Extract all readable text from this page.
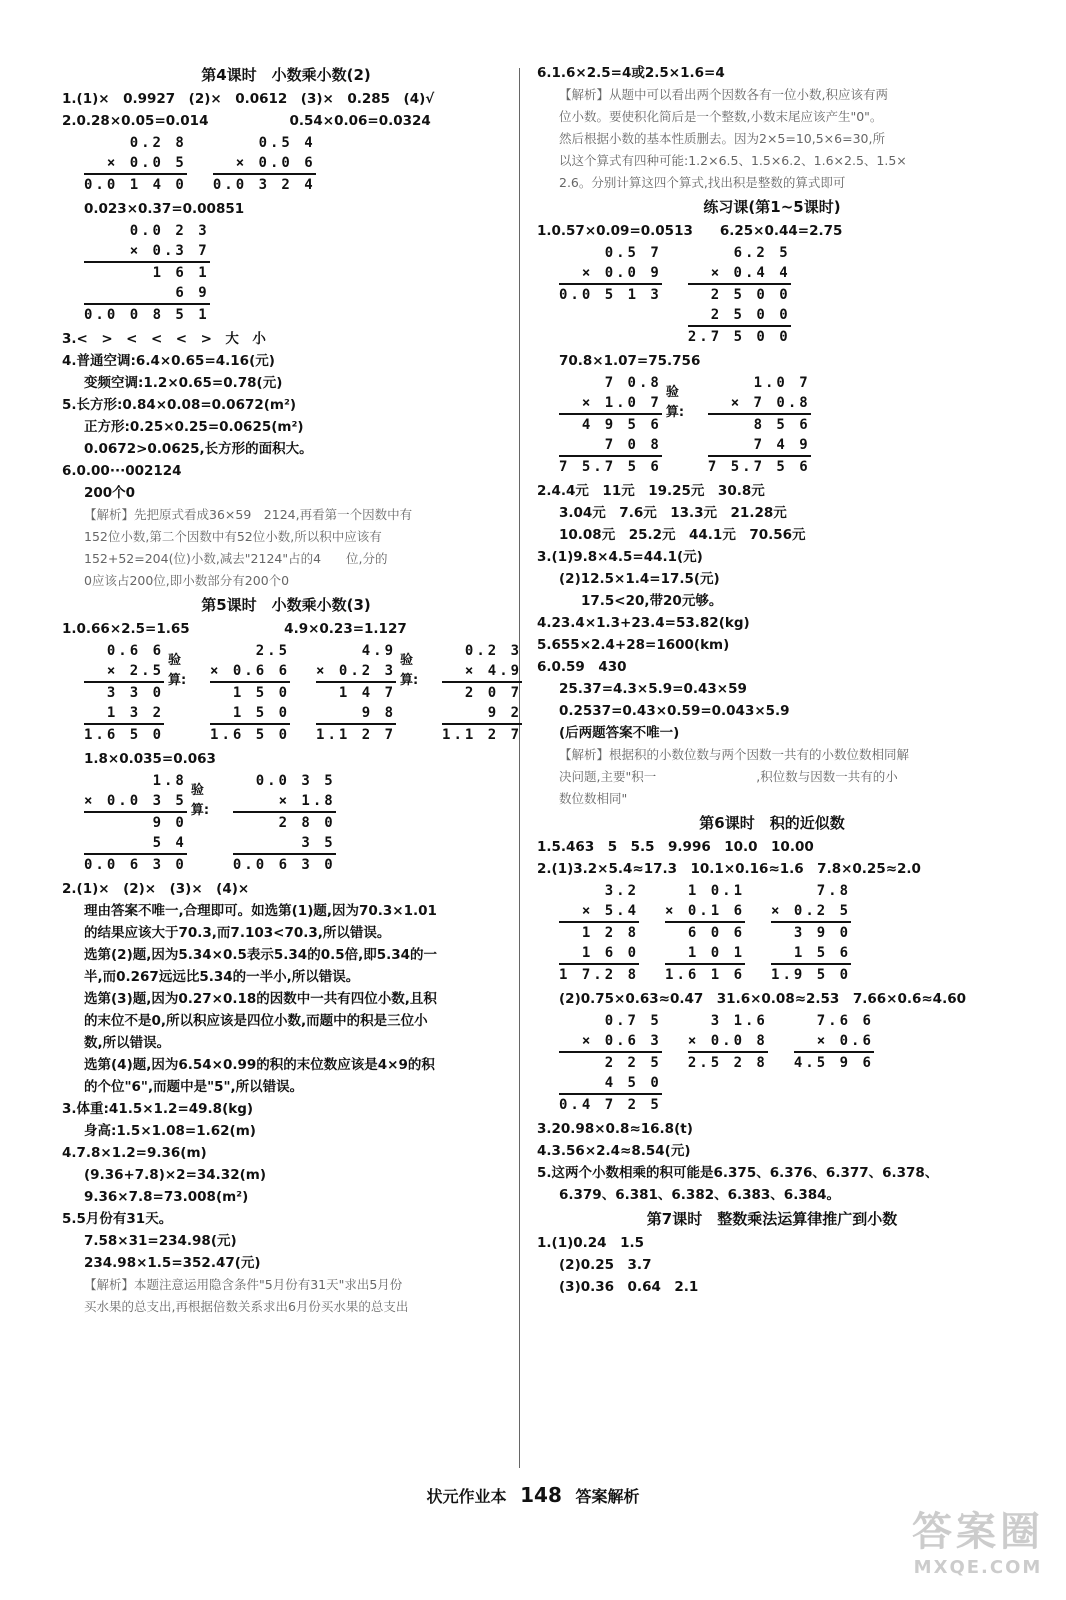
第4课时　小数乘小数(2)
1.(1)×　0.9927　(2)×　0.0612　(3)×　0.285　(4)√
2.0.28×0.05=0.014　　　　　　0.54×0.06=0.0324
0.2 8
× 0.0 5
0.0 1 4 0
0.5 4
× 0.0 6
0.0 3 2 4
0.023×0.37=0.00851
0.0 2 3
× 0.3 7
1 6 1
6 9
0.0 0 8 5 1
3.<　>　<　<　<　>　大　小
4.普通空调:6.4×0.65=4.16(元)
变频空调:1.2×0.65=0.78(元)
5.长方形:0.84×0.08=0.0672(m²)
正方形:0.25×0.25=0.0625(m²)
0.0672>0.0625,长方形的面积大。
6.0.00···002124
200个0
【解析】先把原式看成36×59　2124,再看第一个因数中有
152位小数,第二个因数中有52位小数,所以积中应该有
152+52=204(位)小数,减去"2124"占的4　　位,分的
0应该占200位,即小数部分有200个0
第5课时　小数乘小数(3)
1.0.66×2.5=1.65　　　　　　　4.9×0.23=1.127
0.6 6
× 2.5
3 3 0
1 3 2
1.6 5 0
验算:
2.5
× 0.6 6
1 5 0
1 5 0
1.6 5 0
4.9
× 0.2 3
1 4 7
9 8
1.1 2 7
验算:
0.2 3
× 4.9
2 0 7
9 2
1.1 2 7
1.8×0.035=0.063
1.8
× 0.0 3 5
9 0
5 4
0.0 6 3 0
验算:
0.0 3 5
× 1.8
2 8 0
3 5
0.0 6 3 0
2.(1)×　(2)×　(3)×　(4)×
理由答案不唯一,合理即可。如选第(1)题,因为70.3×1.01
的结果应该大于70.3,而7.103<70.3,所以错误。
选第(2)题,因为5.34×0.5表示5.34的0.5倍,即5.34的一
半,而0.267远远比5.34的一半小,所以错误。
选第(3)题,因为0.27×0.18的因数中一共有四位小数,且积
的末位不是0,所以积应该是四位小数,而题中的积是三位小
数,所以错误。
选第(4)题,因为6.54×0.99的积的末位数应该是4×9的积
的个位"6",而题中是"5",所以错误。
3.体重:41.5×1.2=49.8(kg)
身高:1.5×1.08=1.62(m)
4.7.8×1.2=9.36(m)
(9.36+7.8)×2=34.32(m)
9.36×7.8=73.008(m²)
5.5月份有31天。
7.58×31=234.98(元)
234.98×1.5=352.47(元)
【解析】本题注意运用隐含条件"5月份有31天"求出5月份
买水果的总支出,再根据倍数关系求出6月份买水果的总支出
6.1.6×2.5=4或2.5×1.6=4
【解析】从题中可以看出两个因数各有一位小数,积应该有两
位小数。要使积化简后是一个整数,小数末尾应该产生"0"。
然后根据小数的基本性质删去。因为2×5=10,5×6=30,所
以这个算式有四种可能:1.2×6.5、1.5×6.2、1.6×2.5、1.5×
2.6。分别计算这四个算式,找出积是整数的算式即可
练习课(第1~5课时)
1.0.57×0.09=0.0513　　6.25×0.44=2.75
0.5 7
× 0.0 9
0.0 5 1 3
6.2 5
× 0.4 4
2 5 0 0
2 5 0 0
2.7 5 0 0
70.8×1.07=75.756
7 0.8
× 1.0 7
4 9 5 6
7 0 8
7 5.7 5 6
验算:
1.0 7
× 7 0.8
8 5 6
7 4 9
7 5.7 5 6
2.4.4元　11元　19.25元　30.8元
3.04元　7.6元　13.3元　21.28元
10.08元　25.2元　44.1元　70.56元
3.(1)9.8×4.5=44.1(元)
(2)12.5×1.4=17.5(元)
17.5<20,带20元够。
4.23.4×1.3+23.4=53.82(kg)
5.655×2.4+28=1600(km)
6.0.59　430
25.37=4.3×5.9=0.43×59
0.2537=0.43×0.59=0.043×5.9
(后两题答案不唯一)
【解析】根据积的小数位数与两个因数一共有的小数位数相同解
决问题,主要"积一　　　　　　　　,积位数与因数一共有的小
数位数相同"
第6课时　积的近似数
1.5.463　5　5.5　9.996　10.0　10.00
2.(1)3.2×5.4≈17.3　10.1×0.16≈1.6　7.8×0.25≈2.0
3.2
× 5.4
1 2 8
1 6 0
1 7.2 8
1 0.1
× 0.1 6
6 0 6
1 0 1
1.6 1 6
7.8
× 0.2 5
3 9 0
1 5 6
1.9 5 0
(2)0.75×0.63≈0.47　31.6×0.08≈2.53　7.66×0.6≈4.60
0.7 5
× 0.6 3
2 2 5
4 5 0
0.4 7 2 5
3 1.6
× 0.0 8
2.5 2 8
7.6 6
× 0.6
4.5 9 6
3.20.98×0.8≈16.8(t)
4.3.56×2.4≈8.54(元)
5.这两个小数相乘的积可能是6.375、6.376、6.377、6.378、
6.379、6.381、6.382、6.383、6.384。
第7课时　整数乘法运算律推广到小数
1.(1)0.24　1.5
(2)0.25　3.7
(3)0.36　0.64　2.1
状元作业本 148 答案解析
答案圈
MXQE.COM
